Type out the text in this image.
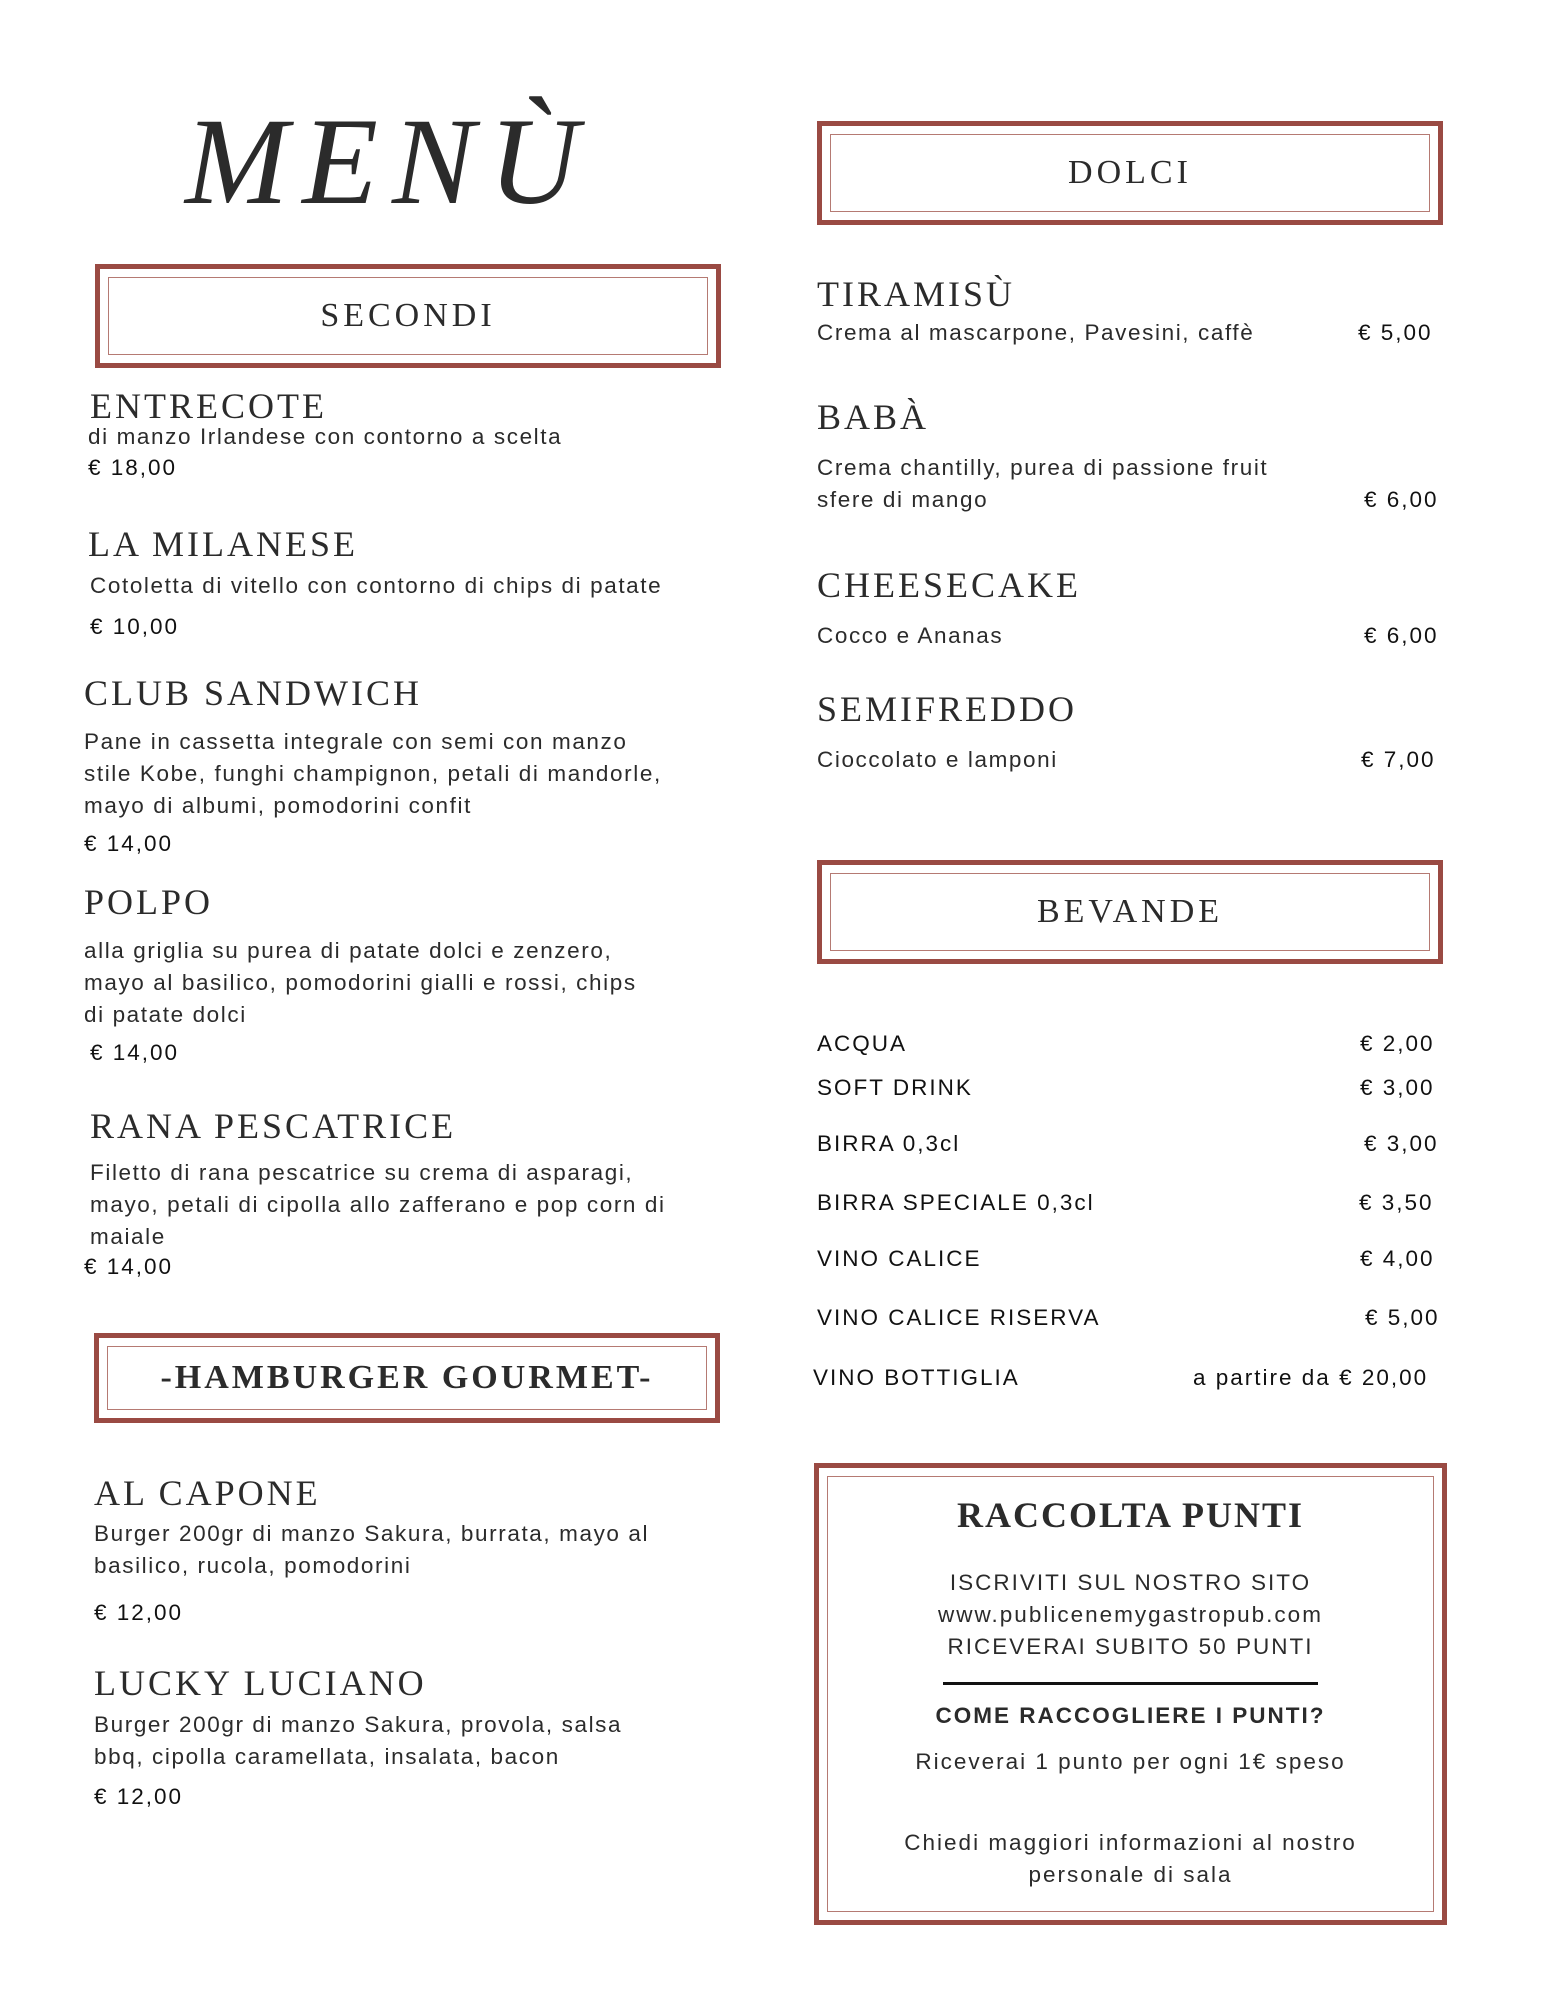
MENÙ
SECONDI
ENTRECOTE
di manzo Irlandese con contorno a scelta
€ 18,00
LA MILANESE
Cotoletta di vitello con contorno di chips di patate
€ 10,00
CLUB SANDWICH
Pane in cassetta integrale con semi con manzo
stile Kobe, funghi champignon, petali di mandorle,
mayo di albumi, pomodorini confit
€ 14,00
POLPO
alla griglia su purea di patate dolci e zenzero,
mayo al basilico, pomodorini gialli e rossi, chips
di patate dolci
€ 14,00
RANA PESCATRICE
Filetto di rana pescatrice su crema di asparagi,
mayo, petali di cipolla allo zafferano e pop corn di
maiale
€ 14,00
-HAMBURGER GOURMET-
AL CAPONE
Burger 200gr di manzo Sakura, burrata, mayo al
basilico, rucola, pomodorini
€ 12,00
LUCKY LUCIANO
Burger 200gr di manzo Sakura, provola, salsa
bbq, cipolla caramellata, insalata, bacon
€ 12,00
DOLCI
TIRAMISÙ
Crema al mascarpone, Pavesini, caffè	€ 5,00
BABÀ
Crema chantilly, purea di passione fruit
sfere di mango	€ 6,00
CHEESECAKE
Cocco e Ananas	€ 6,00
SEMIFREDDO
Cioccolato e lamponi	€ 7,00
BEVANDE
ACQUA	€ 2,00
SOFT DRINK	€ 3,00
BIRRA 0,3cl	€ 3,00
BIRRA SPECIALE 0,3cl	€ 3,50
VINO CALICE	€ 4,00
VINO CALICE RISERVA	€ 5,00
VINO BOTTIGLIA	a partire da € 20,00
RACCOLTA PUNTI
ISCRIVITI SUL NOSTRO SITO
www.publicenemygastropub.com
RICEVERAI SUBITO 50 PUNTI
COME RACCOGLIERE I PUNTI?
Riceverai 1 punto per ogni 1€ speso
Chiedi maggiori informazioni al nostro
personale di sala
